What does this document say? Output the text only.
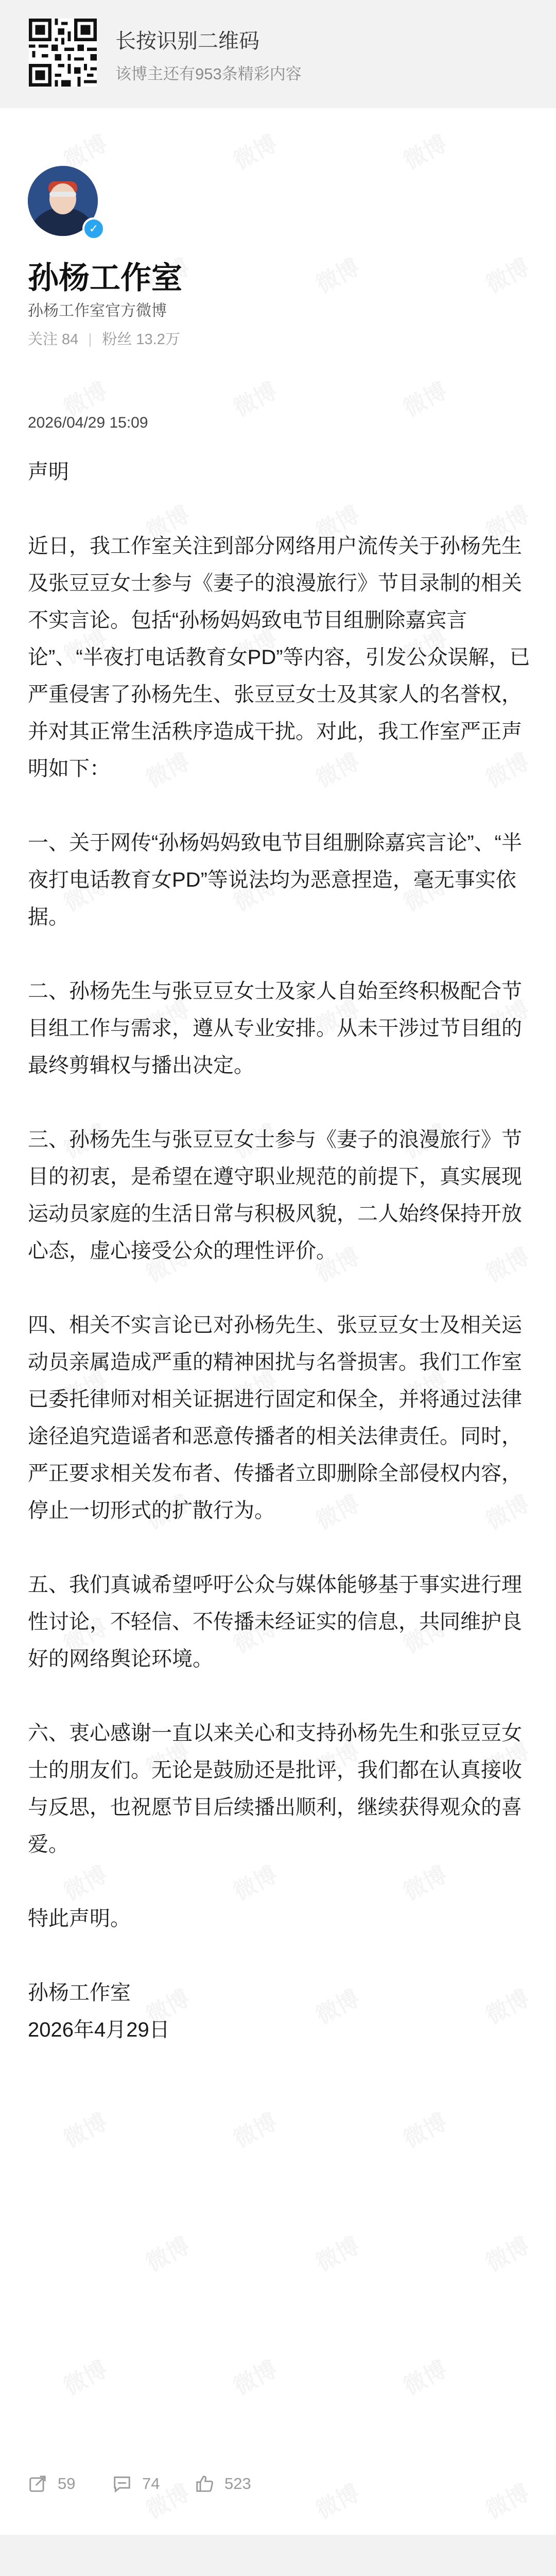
长按识别二维码
该博主还有953条精彩内容
✓
孙杨工作室
孙杨工作室官方微博
关注 84 粉丝 13.2万
2026/04/29 15:09

声明

近日，我工作室关注到部分网络用户流传关于孙杨先生及张豆豆女士参与《妻子的浪漫旅行》节目录制的相关不实言论。包括“孙杨妈妈致电节目组删除嘉宾言论”、“半夜打电话教育女PD”等内容，引发公众误解，已严重侵害了孙杨先生、张豆豆女士及其家人的名誉权，并对其正常生活秩序造成干扰。对此，我工作室严正声明如下：

一、关于网传“孙杨妈妈致电节目组删除嘉宾言论”、“半夜打电话教育女PD”等说法均为恶意捏造，毫无事实依据。

二、孙杨先生与张豆豆女士及家人自始至终积极配合节目组工作与需求，遵从专业安排。从未干涉过节目组的最终剪辑权与播出决定。

三、孙杨先生与张豆豆女士参与《妻子的浪漫旅行》节目的初衷，是希望在遵守职业规范的前提下，真实展现运动员家庭的生活日常与积极风貌，二人始终保持开放心态，虚心接受公众的理性评价。

四、相关不实言论已对孙杨先生、张豆豆女士及相关运动员亲属造成严重的精神困扰与名誉损害。我们工作室已委托律师对相关证据进行固定和保全，并将通过法律途径追究造谣者和恶意传播者的相关法律责任。同时，严正要求相关发布者、传播者立即删除全部侵权内容，停止一切形式的扩散行为。

五、我们真诚希望呼吁公众与媒体能够基于事实进行理性讨论，不轻信、不传播未经证实的信息，共同维护良好的网络舆论环境。

六、衷心感谢一直以来关心和支持孙杨先生和张豆豆女士的朋友们。无论是鼓励还是批评，我们都在认真接收与反思，也祝愿节目后续播出顺利，继续获得观众的喜爱。

特此声明。

孙杨工作室

2026年4月29日

59	74	523
